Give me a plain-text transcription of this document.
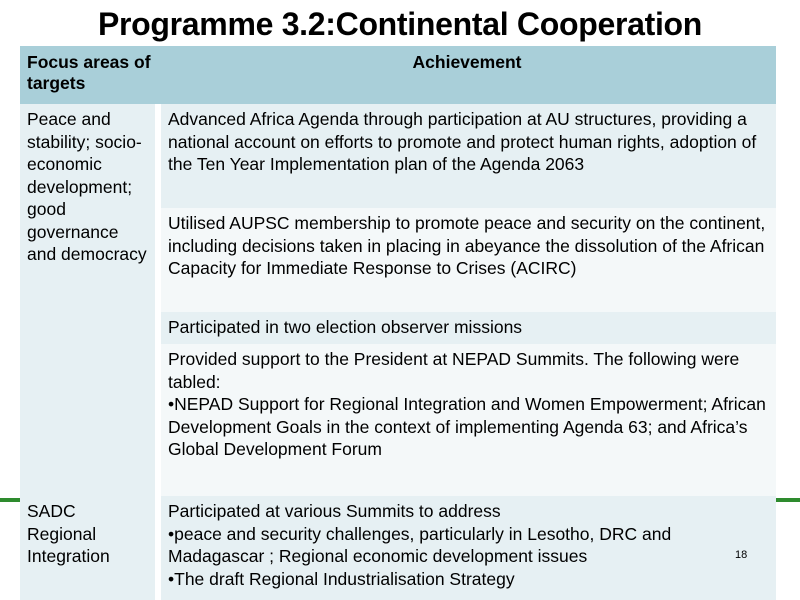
Programme 3.2:Continental Cooperation
Focus areas of targets	Achievement
Peace and stability; socio-economic development; good governance and democracy	Advanced Africa Agenda through participation at AU structures, providing a national account on efforts to promote and protect human rights, adoption of the Ten Year Implementation plan of the Agenda 2063
	Utilised AUPSC membership to promote peace and security on the continent, including decisions taken in placing in abeyance the dissolution of the African Capacity for Immediate Response to Crises (ACIRC)
	Participated in two election observer missions

	Provided support to the President at NEPAD Summits. The following were tabled:
•NEPAD Support for Regional Integration and Women Empowerment; African Development Goals in the context of implementing Agenda 63; and Africa’s Global Development Forum

SADC Regional Integration	Participated at various Summits to address
•peace and security challenges, particularly in Lesotho, DRC and Madagascar ; Regional economic development issues
•The draft Regional Industrialisation Strategy
18
